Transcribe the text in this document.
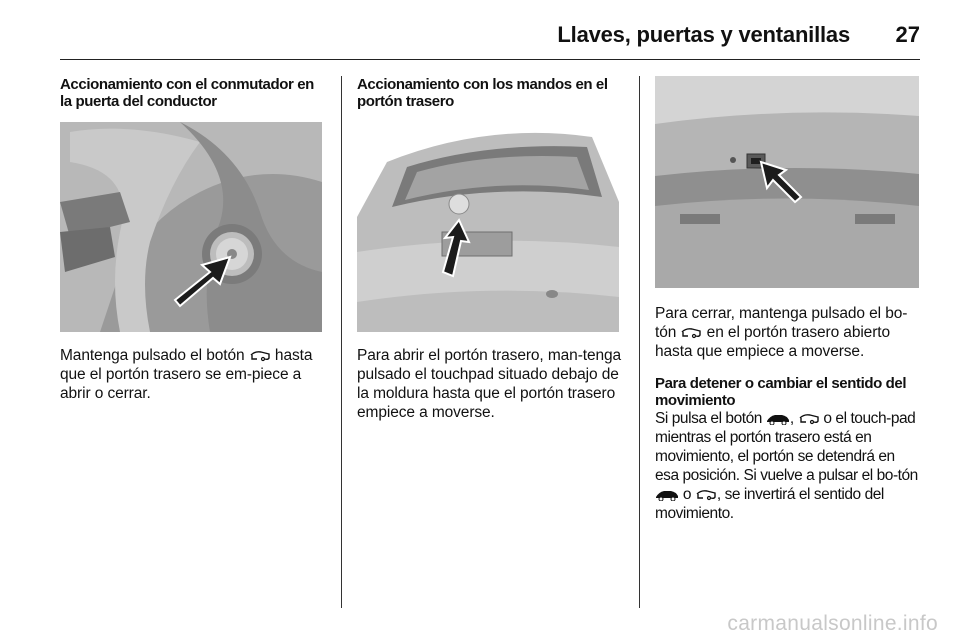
Llaves, puertas y ventanillas 27
Accionamiento con el conmutador en la puerta del conductor

Mantenga pulsado el botón  hasta que el portón trasero se em-piece a abrir o cerrar.

Accionamiento con los mandos en el portón trasero

Para abrir el portón trasero, man-tenga pulsado el touchpad situado debajo de la moldura hasta que el portón trasero empiece a moverse.

Para cerrar, mantenga pulsado el bo-tón  en el portón trasero abierto hasta que empiece a moverse.

Para detener o cambiar el sentido del movimiento

Si pulsa el botón ,  o el touch-pad mientras el portón trasero está en movimiento, el portón se detendrá en esa posición. Si vuelve a pulsar el bo-tón  o , se invertirá el sentido del movimiento.

carmanualsonline.info
